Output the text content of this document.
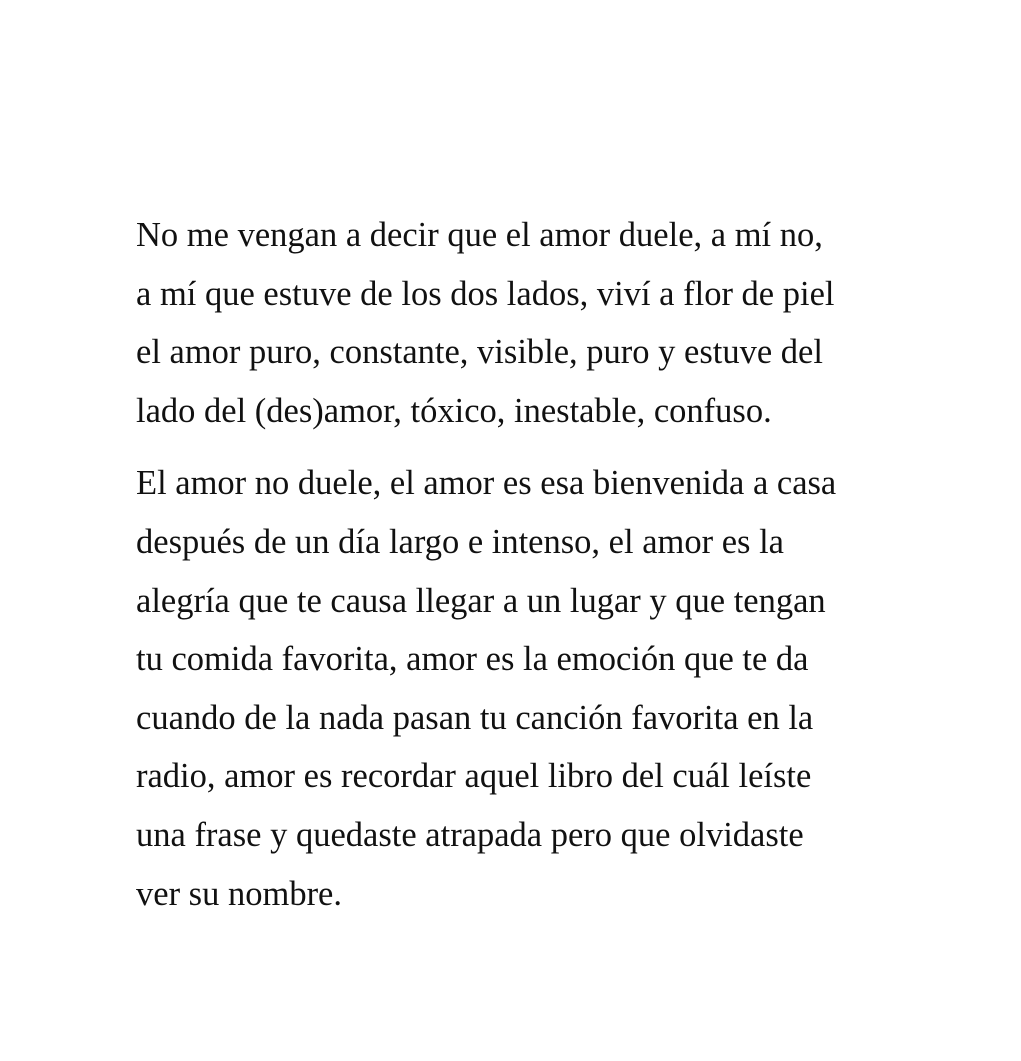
No me vengan a decir que el amor duele, a mí no,
a mí que estuve de los dos lados, viví a flor de piel
el amor puro, constante, visible, puro y estuve del
lado del (des)amor, tóxico, inestable, confuso.

El amor no duele, el amor es esa bienvenida a casa
después de un día largo e intenso, el amor es la
alegría que te causa llegar a un lugar y que tengan
tu comida favorita, amor es la emoción que te da
cuando de la nada pasan tu canción favorita en la
radio, amor es recordar aquel libro del cuál leíste
una frase y quedaste atrapada pero que olvidaste
ver su nombre.
